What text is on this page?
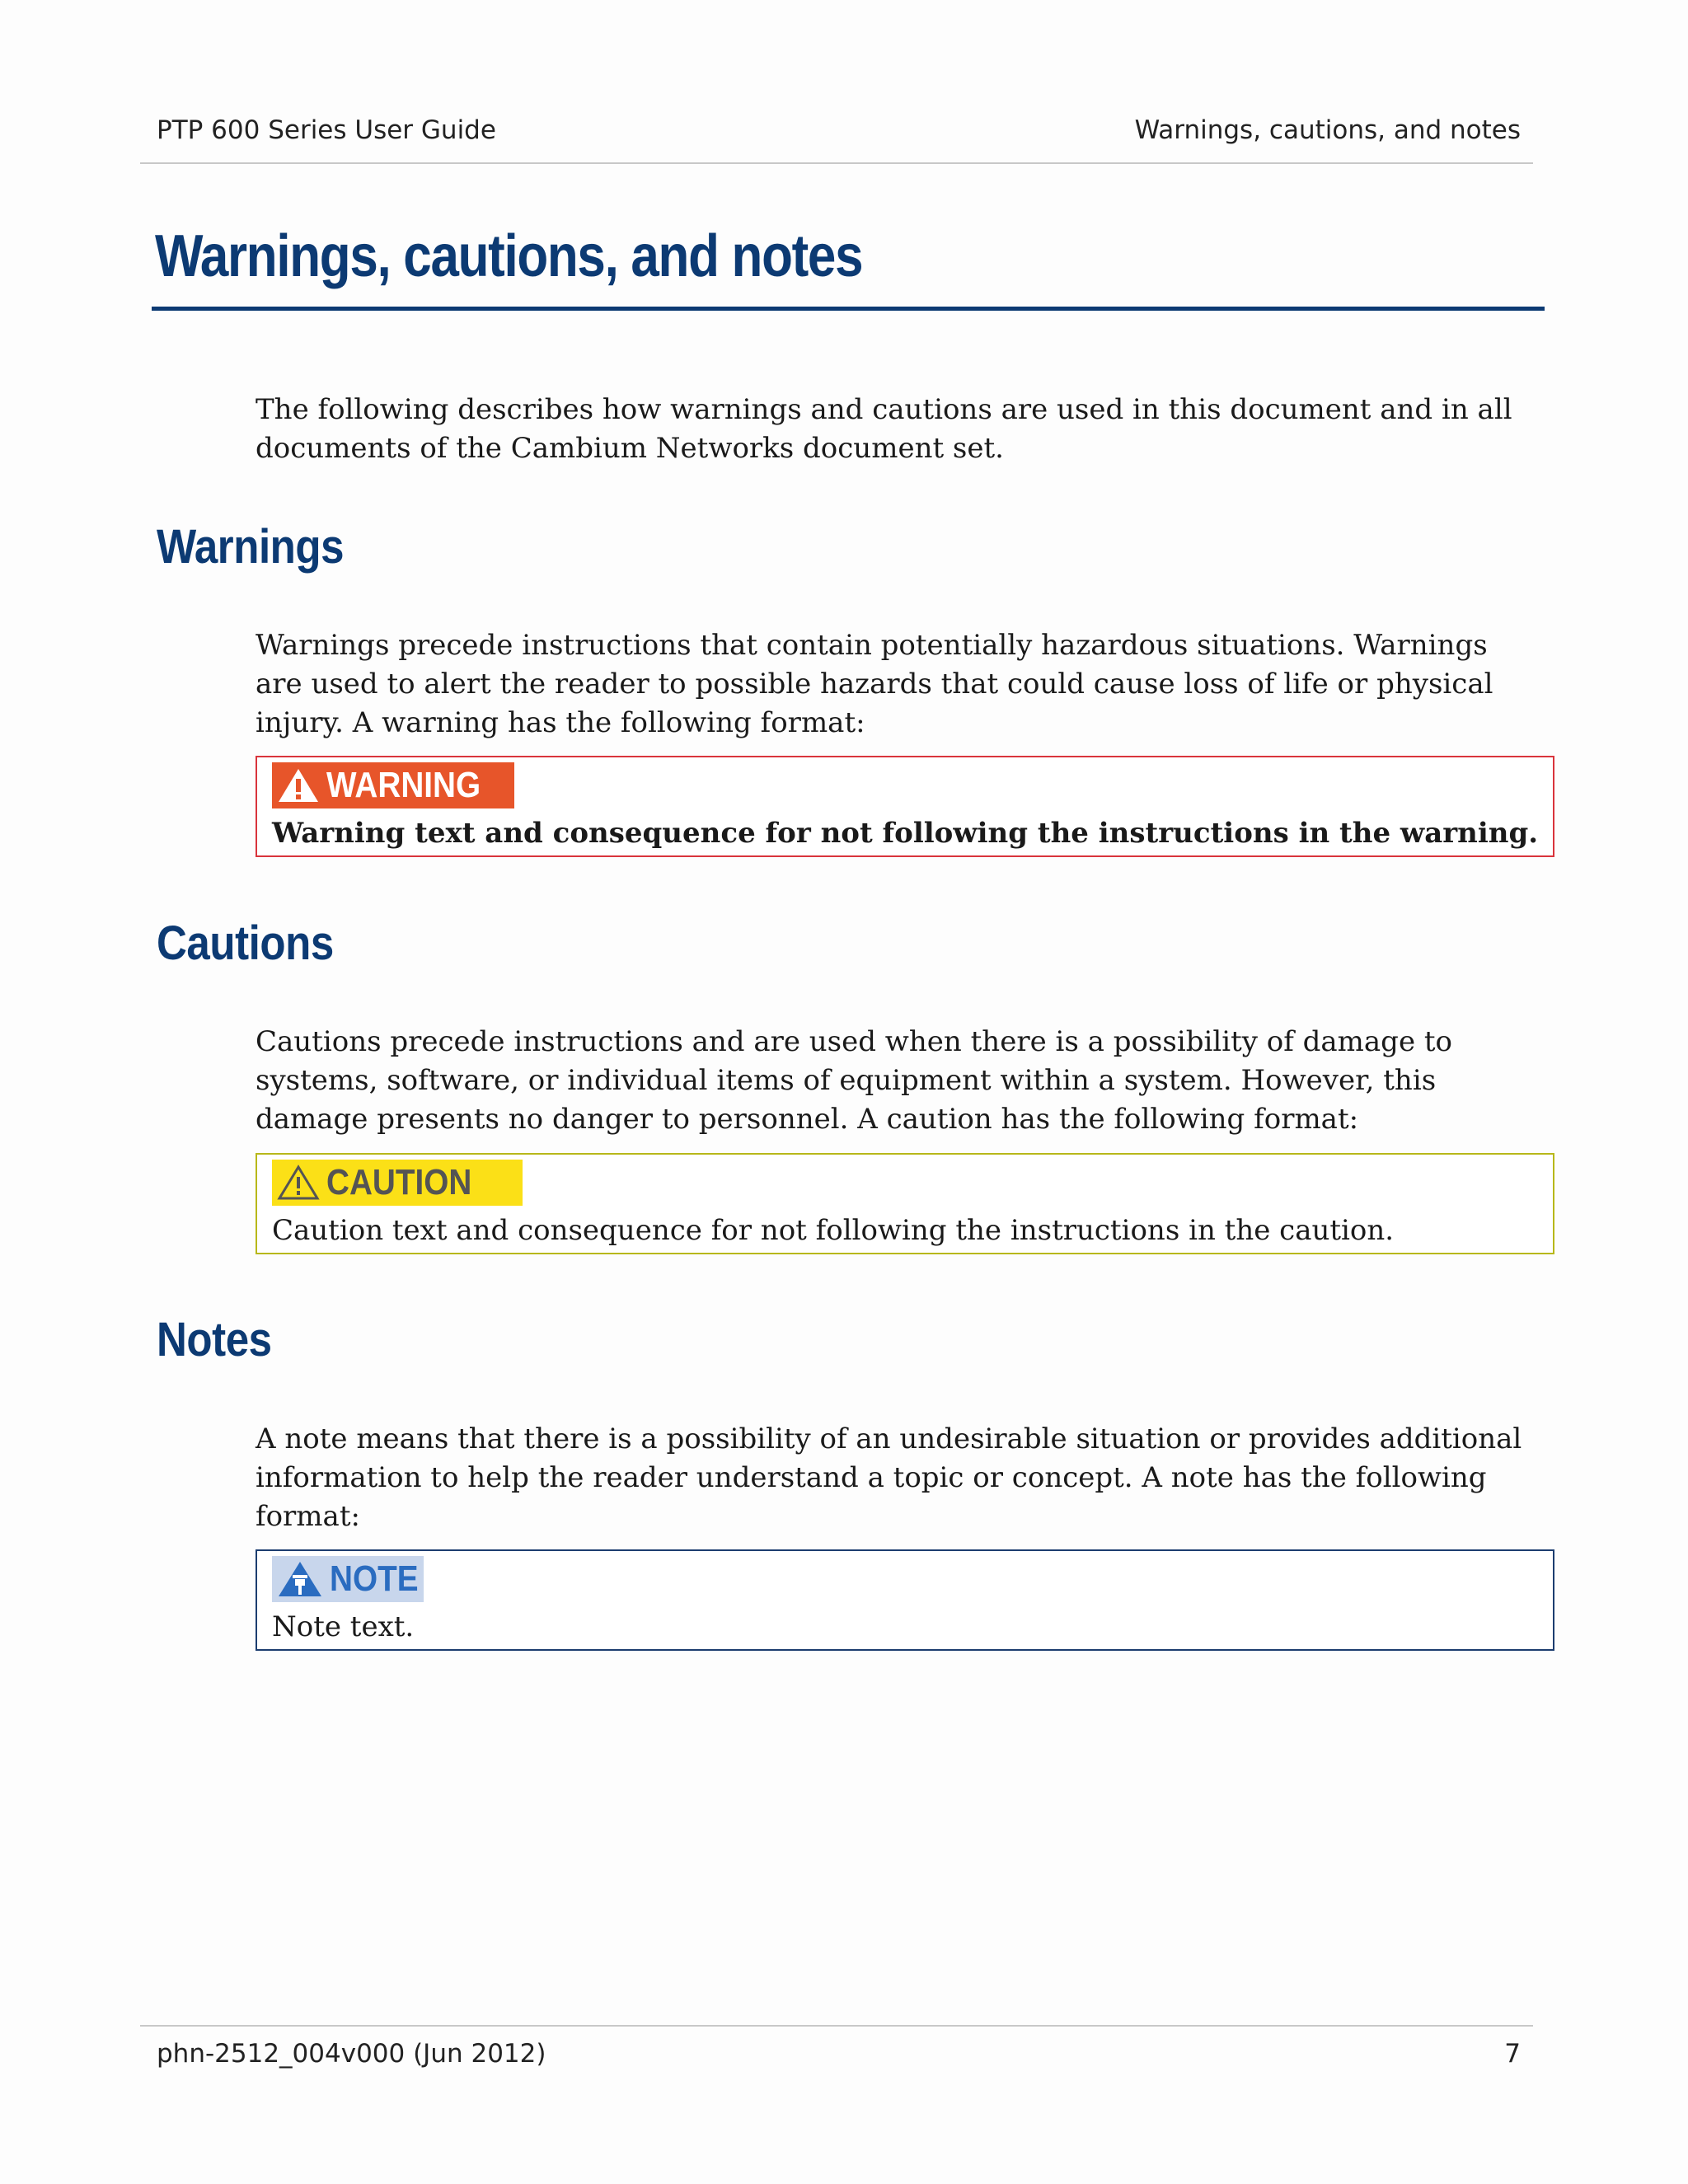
PTP 600 Series User Guide	Warnings, cautions, and notes
Warnings, cautions, and notes

The following describes how warnings and cautions are used in this document and in all documents of the Cambium Networks document set.

Warnings

Warnings precede instructions that contain potentially hazardous situations. Warnings are used to alert the reader to possible hazards that could cause loss of life or physical injury. A warning has the following format:

WARNING

Warning text and consequence for not following the instructions in the warning.

Cautions

Cautions precede instructions and are used when there is a possibility of damage to systems, software, or individual items of equipment within a system. However, this damage presents no danger to personnel. A caution has the following format:

CAUTION

Caution text and consequence for not following the instructions in the caution.

Notes

A note means that there is a possibility of an undesirable situation or provides additional information to help the reader understand a topic or concept. A note has the following format:

NOTE

Note text.

phn-2512_004v000 (Jun 2012)	7
